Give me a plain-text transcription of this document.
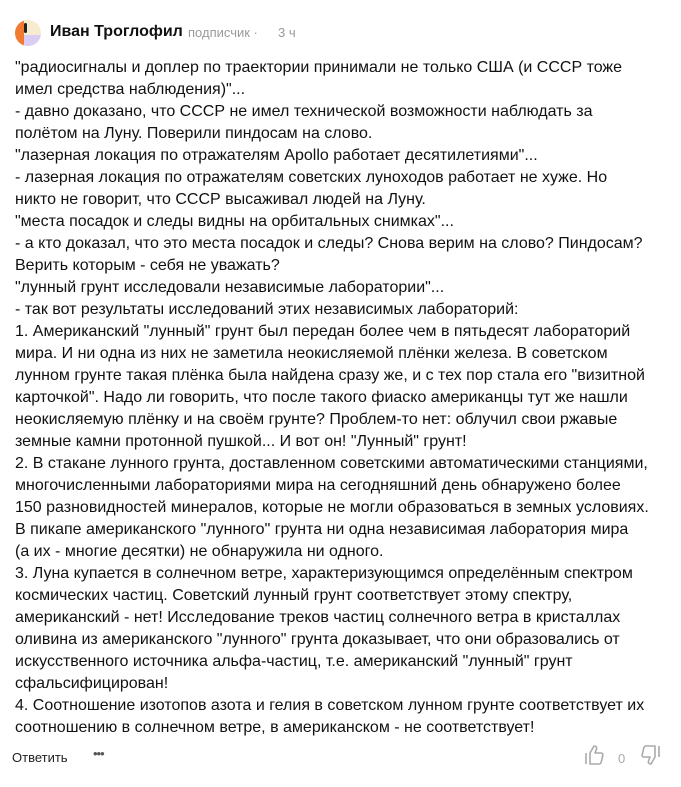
Иван Троглофил подписчик · 3 ч
"радиосигналы и доплер по траектории принимали не только США (и СССР тоже
имел средства наблюдения)"...
- давно доказано, что СССР не имел технической возможности наблюдать за
полётом на Луну. Поверили пиндосам на слово.
"лазерная локация по отражателям Apollo работает десятилетиями"...
- лазерная локация по отражателям советских луноходов работает не хуже. Но
никто не говорит, что СССР высаживал людей на Луну.
"места посадок и следы видны на орбитальных снимках"...
- а кто доказал, что это места посадок и следы? Снова верим на слово? Пиндосам?
Верить которым - себя не уважать?
"лунный грунт исследовали независимые лаборатории"...
- так вот результаты исследований этих независимых лабораторий:
1. Американский "лунный" грунт был передан более чем в пятьдесят лабораторий
мира. И ни одна из них не заметила неокисляемой плёнки железа. В советском
лунном грунте такая плёнка была найдена сразу же, и с тех пор стала его "визитной
карточкой". Надо ли говорить, что после такого фиаско американцы тут же нашли
неокисляемую плёнку и на своём грунте? Проблем-то нет: облучил свои ржавые
земные камни протонной пушкой... И вот он! "Лунный" грунт!
2. В стакане лунного грунта, доставленном советскими автоматическими станциями,
многочисленными лабораториями мира на сегодняшний день обнаружено более
150 разновидностей минералов, которые не могли образоваться в земных условиях.
В пикапе американского "лунного" грунта ни одна независимая лаборатория мира
(а их - многие десятки) не обнаружила ни одного.
3. Луна купается в солнечном ветре, характеризующимся определённым спектром
космических частиц. Советский лунный грунт соответствует этому спектру,
американский - нет! Исследование треков частиц солнечного ветра в кристаллах
оливина из американского "лунного" грунта доказывает, что они образовались от
искусственного источника альфа-частиц, т.е. американский "лунный" грунт
сфальсифицирован!
4. Соотношение изотопов азота и гелия в советском лунном грунте соответствует их
соотношению в солнечном ветре, в американском - не соответствует!
Ответить •••	0
